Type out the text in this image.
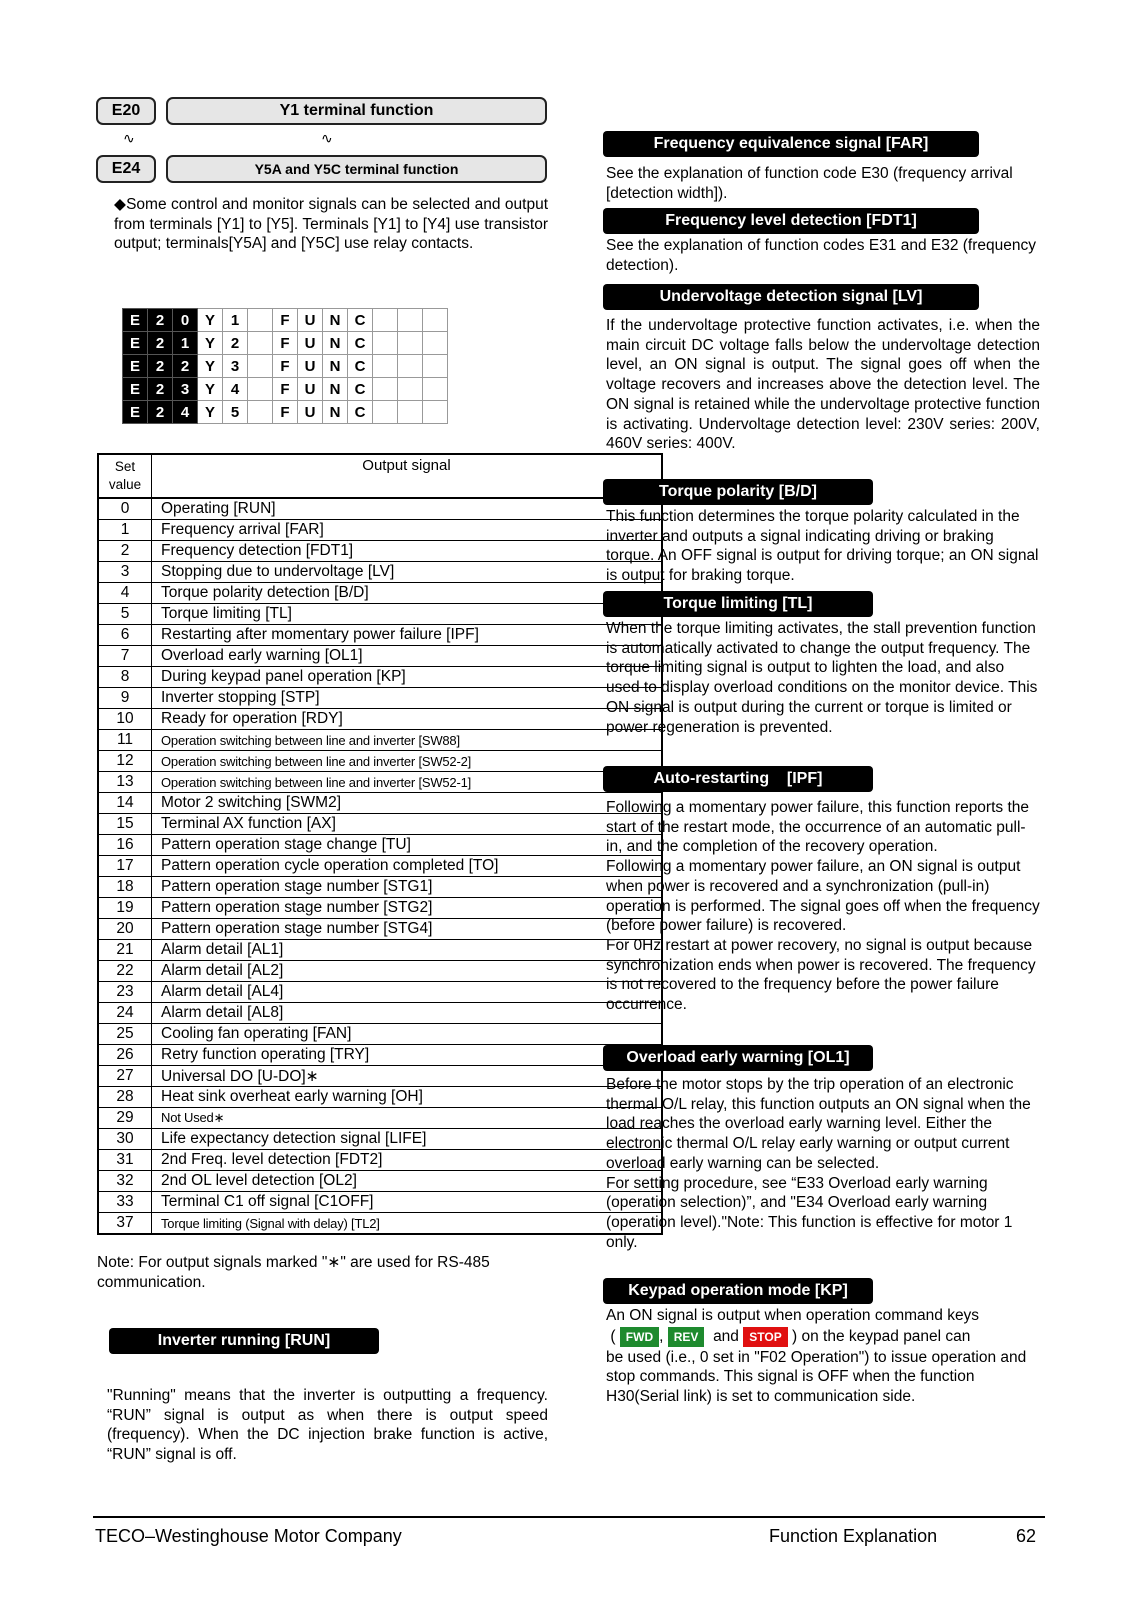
E20	Y1 terminal function
∿	∿
E24	Y5A and Y5C terminal function
◆Some control and monitor signals can be selected and output from terminals [Y1] to [Y5]. Terminals [Y1] to [Y4] use transistor output; terminals[Y5A] and [Y5C] use relay contacts.
E	2	0	Y	1		F	U	N	C			
E	2	1	Y	2		F	U	N	C			
E	2	2	Y	3		F	U	N	C			
E	2	3	Y	4		F	U	N	C			
E	2	4	Y	5		F	U	N	C			
Set value	Output signal
0	Operating [RUN]
1	Frequency arrival [FAR]
2	Frequency detection [FDT1]
3	Stopping due to undervoltage [LV]
4	Torque polarity detection [B/D]
5	Torque limiting [TL]
6	Restarting after momentary power failure [IPF]
7	Overload early warning [OL1]
8	During keypad panel operation [KP]
9	Inverter stopping [STP]
10	Ready for operation [RDY]
11	Operation switching between line and inverter [SW88]
12	Operation switching between line and inverter [SW52-2]
13	Operation switching between line and inverter [SW52-1]
14	Motor 2 switching [SWM2]
15	Terminal AX function [AX]
16	Pattern operation stage change [TU]
17	Pattern operation cycle operation completed [TO]
18	Pattern operation stage number [STG1]
19	Pattern operation stage number [STG2]
20	Pattern operation stage number [STG4]
21	Alarm detail [AL1]
22	Alarm detail [AL2]
23	Alarm detail [AL4]
24	Alarm detail [AL8]
25	Cooling fan operating [FAN]
26	Retry function operating [TRY]
27	Universal DO [U-DO]∗
28	Heat sink overheat early warning [OH]
29	Not Used∗
30	Life expectancy detection signal [LIFE]
31	2nd Freq. level detection [FDT2]
32	2nd OL level detection [OL2]
33	Terminal C1 off signal [C1OFF]
37	Torque limiting (Signal with delay) [TL2]
Note: For output signals marked "∗" are used for RS-485 communication.
Inverter running [RUN]
"Running" means that the inverter is outputting a frequency. “RUN” signal is output as when there is output speed (frequency). When the DC injection brake function is active, “RUN” signal is off.
Frequency equivalence signal [FAR]
See the explanation of function code E30 (frequency arrival [detection width]).
Frequency level detection [FDT1]
See the explanation of function codes E31 and E32 (frequency detection).
Undervoltage detection signal [LV]
If the undervoltage protective function activates, i.e. when the main circuit DC voltage falls below the undervoltage detection level, an ON signal is output. The signal goes off when the voltage recovers and increases above the detection level. The ON signal is retained while the undervoltage protective function is activating. Undervoltage detection level: 230V series: 200V, 460V series: 400V.
Torque polarity [B/D]
This function determines the torque polarity calculated in the inverter and outputs a signal indicating driving or braking torque. An OFF signal is output for driving torque; an ON signal is output for braking torque.
Torque limiting [TL]
When the torque limiting activates, the stall prevention function is automatically activated to change the output frequency. The torque limiting signal is output to lighten the load, and also used to display overload conditions on the monitor device. This ON signal is output during the current or torque is limited or power regeneration is prevented.
Auto-restarting    [IPF]

Following a momentary power failure, this function reports the start of the restart mode, the occurrence of an automatic pull-in, and the completion of the recovery operation.

Following a momentary power failure, an ON signal is output when power is recovered and a synchronization (pull-in) operation is performed. The signal goes off when the frequency (before power failure) is recovered.

For 0Hz restart at power recovery, no signal is output because synchronization ends when power is recovered. The frequency is not recovered to the frequency before the power failure occurrence.

Overload early warning [OL1]

Before the motor stops by the trip operation of an electronic thermal O/L relay, this function outputs an ON signal when the load reaches the overload early warning level. Either the electronic thermal O/L relay early warning or output current overload early warning can be selected.

For setting procedure, see “E33 Overload early warning (operation selection)”, and "E34 Overload early warning (operation level)."Note: This function is effective for motor 1 only.

Keypad operation mode [KP]

An ON signal is output when operation command keys

( FWD , REV and STOP ) on the keypad panel can

be used (i.e., 0 set in "F02 Operation") to issue operation and stop commands. This signal is OFF when the function H30(Serial link) is set to communication side.

TECO–Westinghouse Motor Company	Function Explanation	62
